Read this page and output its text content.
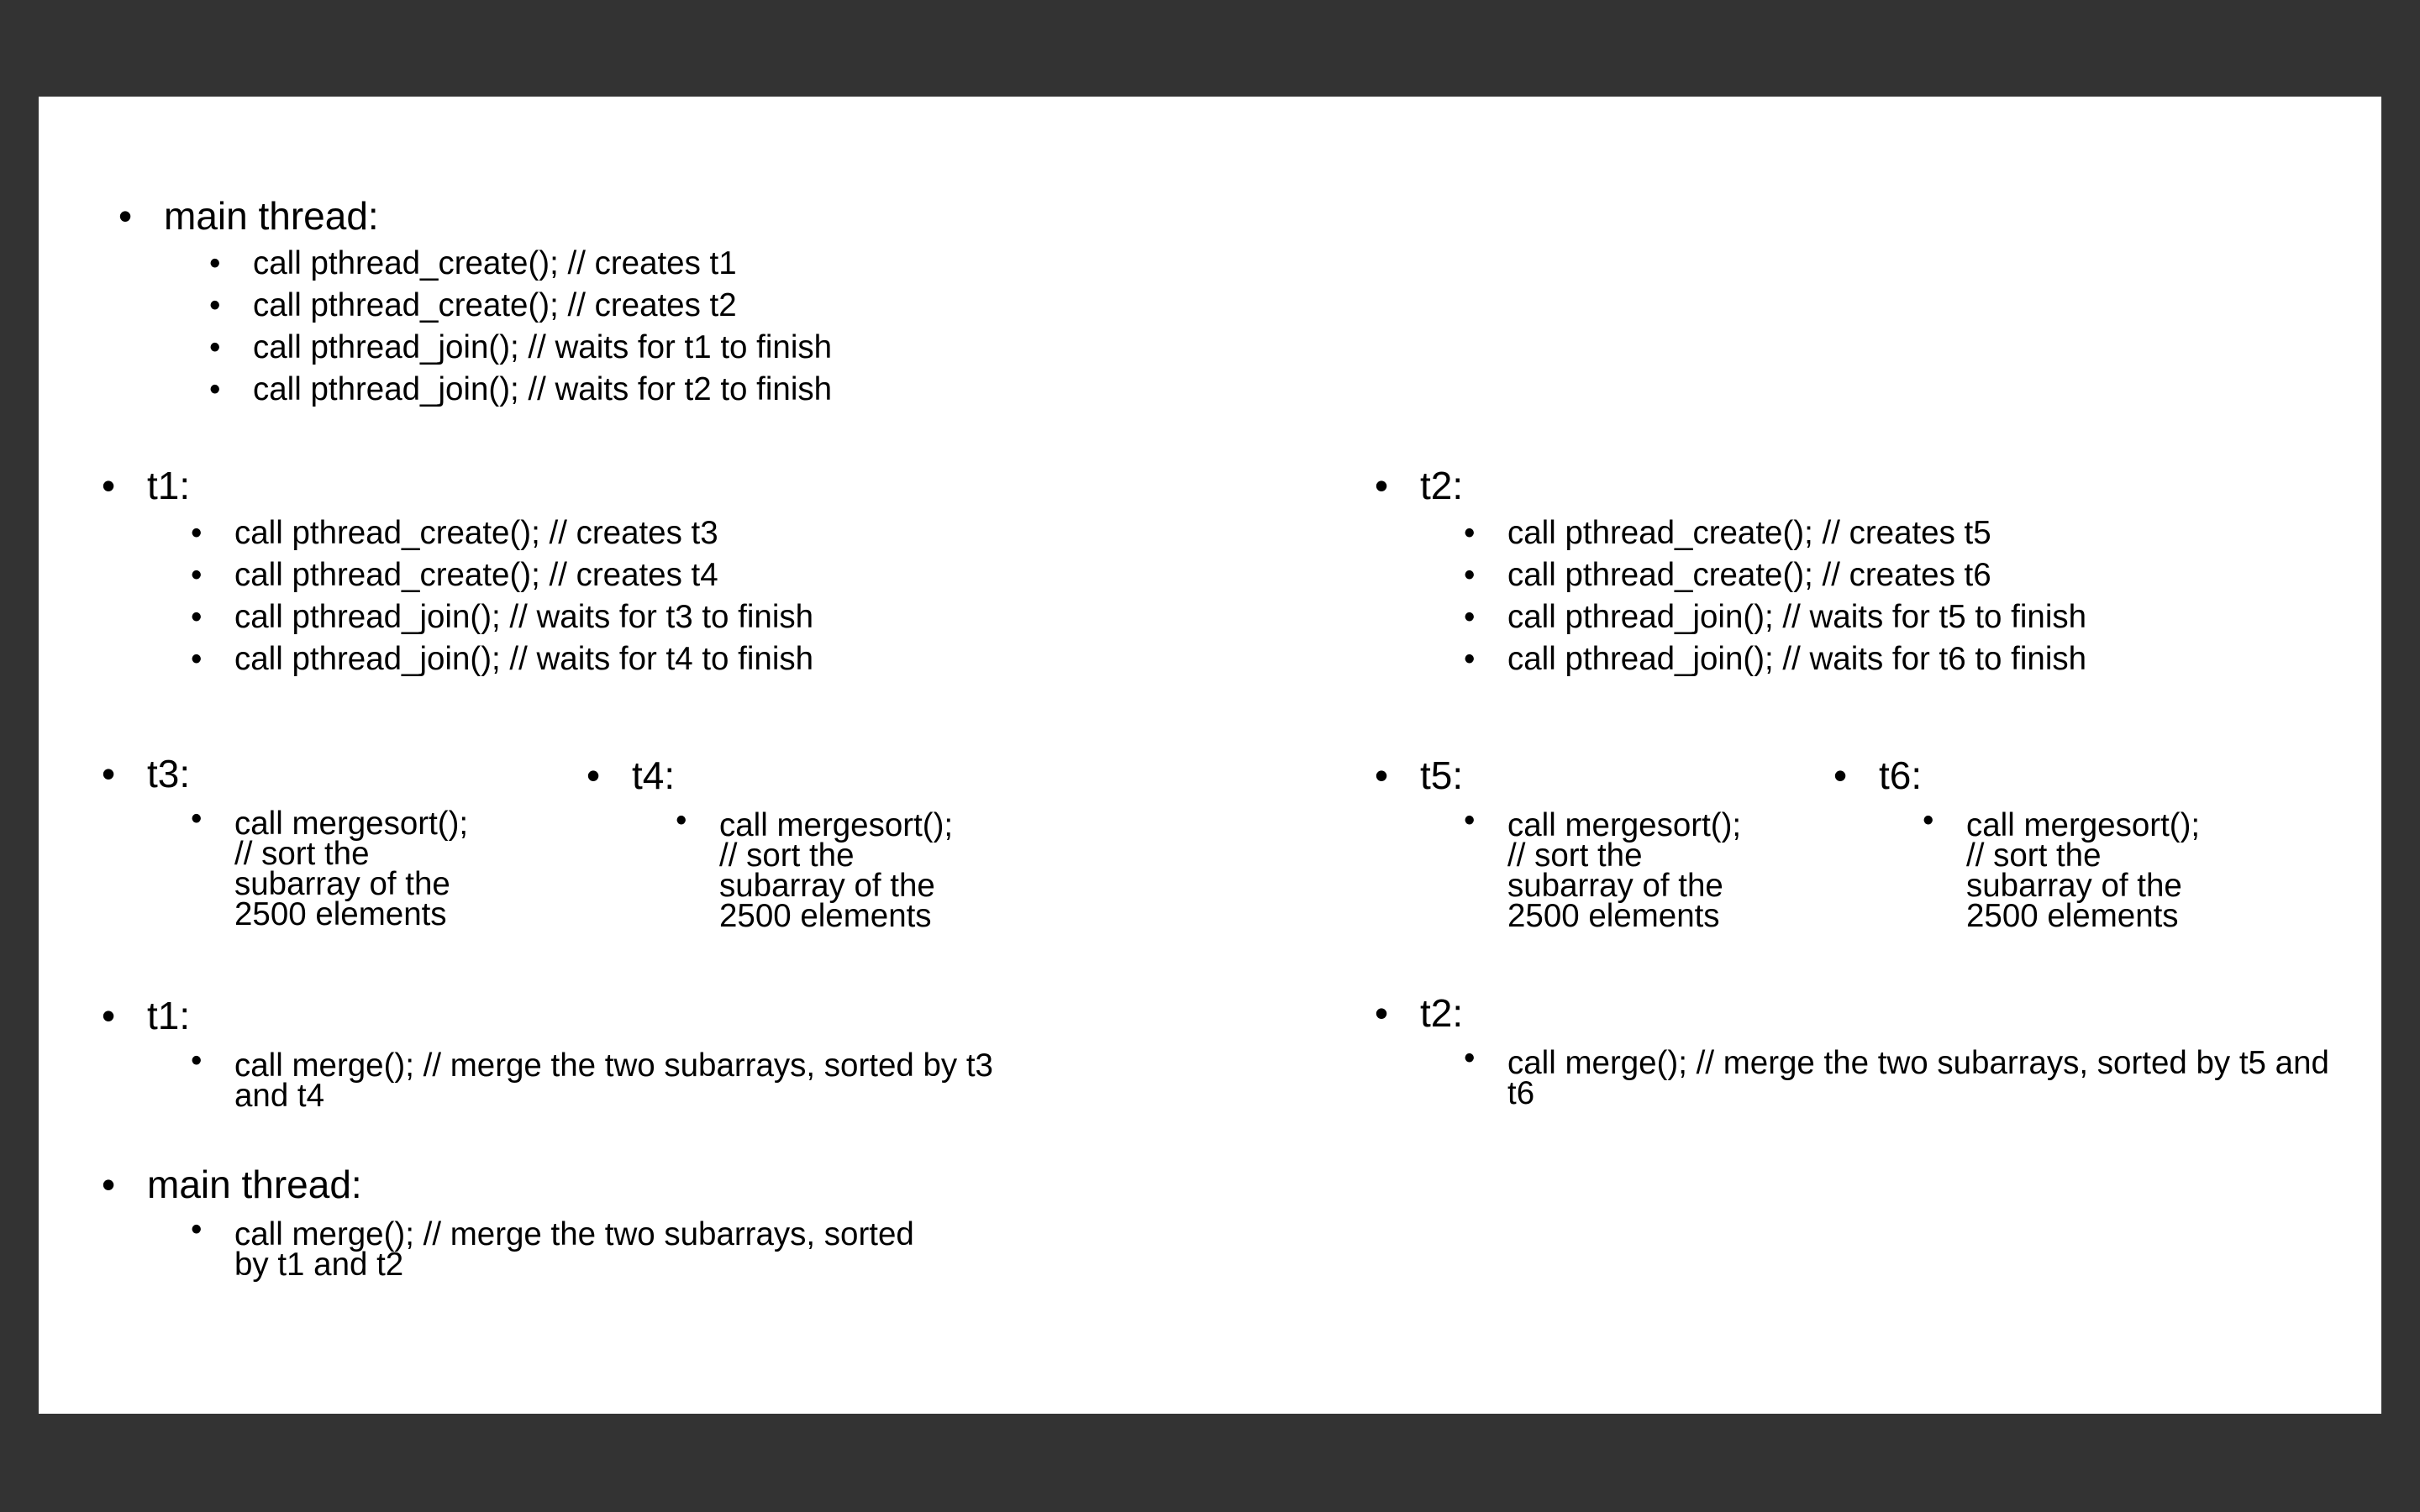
• main thread:
• call pthread_create(); // creates t1
• call pthread_create(); // creates t2
• call pthread_join(); // waits for t1 to finish
• call pthread_join(); // waits for t2 to finish
• t1:
• call pthread_create(); // creates t3
• call pthread_create(); // creates t4
• call pthread_join(); // waits for t3 to finish
• call pthread_join(); // waits for t4 to finish
• t2:
• call pthread_create(); // creates t5
• call pthread_create(); // creates t6
• call pthread_join(); // waits for t5 to finish
• call pthread_join(); // waits for t6 to finish
• t3:
• call mergesort(); // sort the subarray of the 2500 elements
• t4:
• call mergesort(); // sort the subarray of the 2500 elements
• t5:
• call mergesort(); // sort the subarray of the 2500 elements
• t6:
• call mergesort(); // sort the subarray of the 2500 elements
• t1:
• call merge(); // merge the two subarrays, sorted by t3 and t4
• t2:
• call merge(); // merge the two subarrays, sorted by t5 and t6
• main thread:
• call merge(); // merge the two subarrays, sorted by t1 and t2
